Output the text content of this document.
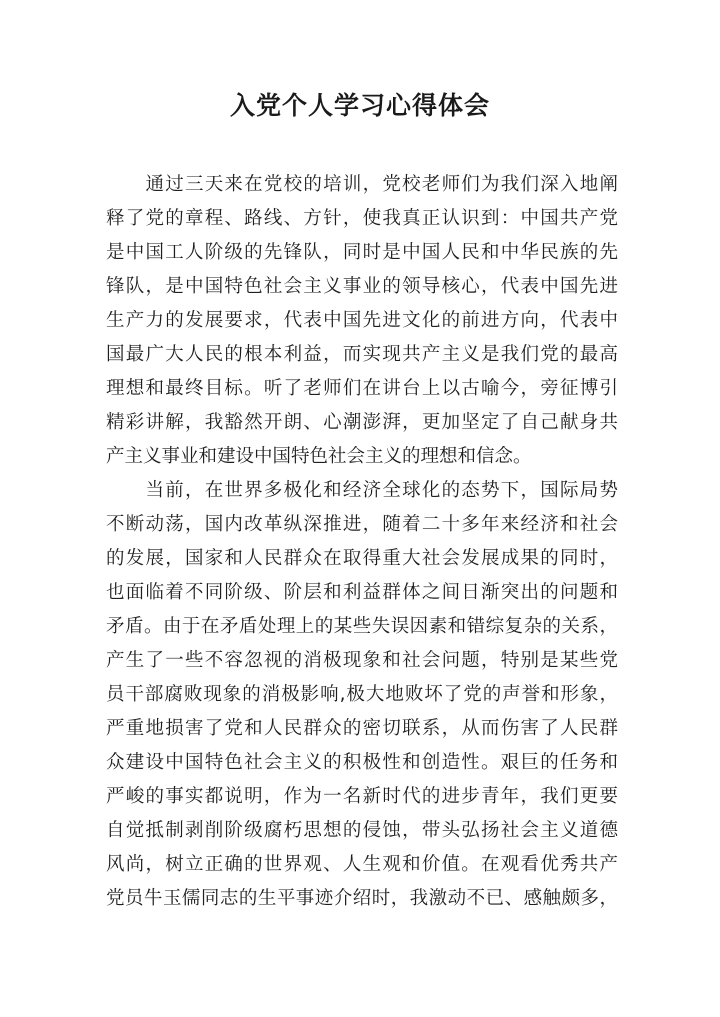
入党个人学习心得体会
　　通过三天来在党校的培训，党校老师们为我们深入地阐
释了党的章程、路线、方针，使我真正认识到：中国共产党
是中国工人阶级的先锋队，同时是中国人民和中华民族的先
锋队，是中国特色社会主义事业的领导核心，代表中国先进
生产力的发展要求，代表中国先进文化的前进方向，代表中
国最广大人民的根本利益，而实现共产主义是我们党的最高
理想和最终目标。听了老师们在讲台上以古喻今，旁征博引
精彩讲解，我豁然开朗、心潮澎湃，更加坚定了自己献身共
产主义事业和建设中国特色社会主义的理想和信念。
　　当前，在世界多极化和经济全球化的态势下，国际局势
不断动荡，国内改革纵深推进，随着二十多年来经济和社会
的发展，国家和人民群众在取得重大社会发展成果的同时，
也面临着不同阶级、阶层和利益群体之间日渐突出的问题和
矛盾。由于在矛盾处理上的某些失误因素和错综复杂的关系，
产生了一些不容忽视的消极现象和社会问题，特别是某些党
员干部腐败现象的消极影响,极大地败坏了党的声誉和形象，
严重地损害了党和人民群众的密切联系，从而伤害了人民群
众建设中国特色社会主义的积极性和创造性。艰巨的任务和
严峻的事实都说明，作为一名新时代的进步青年，我们更要
自觉抵制剥削阶级腐朽思想的侵蚀，带头弘扬社会主义道德
风尚，树立正确的世界观、人生观和价值。在观看优秀共产
党员牛玉儒同志的生平事迹介绍时，我激动不已、感触颇多，
